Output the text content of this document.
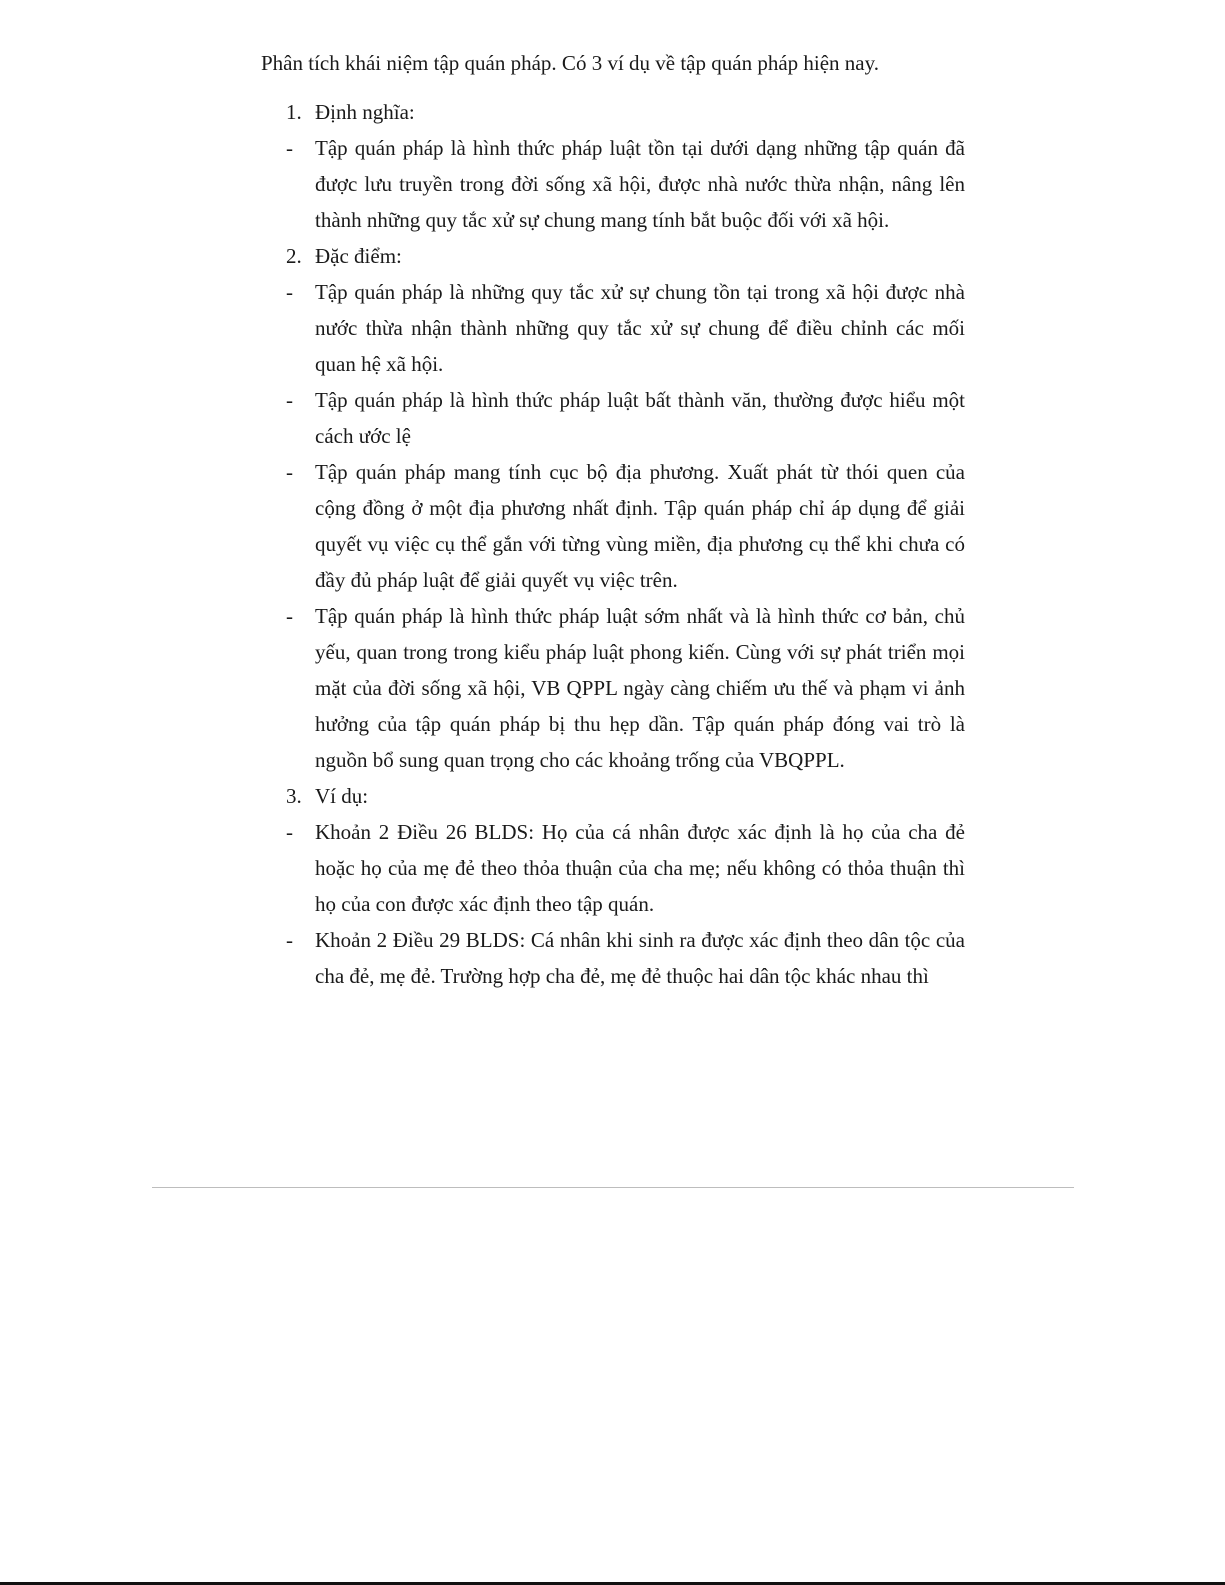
Phân tích khái niệm tập quán pháp. Có 3 ví dụ về tập quán pháp hiện nay.
1. Định nghĩa:
- Tập quán pháp là hình thức pháp luật tồn tại dưới dạng những tập quán đã được lưu truyền trong đời sống xã hội, được nhà nước thừa nhận, nâng lên thành những quy tắc xử sự chung mang tính bắt buộc đối với xã hội.
2. Đặc điểm:
- Tập quán pháp là những quy tắc xử sự chung tồn tại trong xã hội được nhà nước thừa nhận thành những quy tắc xử sự chung để điều chỉnh các mối quan hệ xã hội.
- Tập quán pháp là hình thức pháp luật bất thành văn, thường được hiểu một cách ước lệ
- Tập quán pháp mang tính cục bộ địa phương. Xuất phát từ thói quen của cộng đồng ở một địa phương nhất định. Tập quán pháp chỉ áp dụng để giải quyết vụ việc cụ thể gắn với từng vùng miền, địa phương cụ thể khi chưa có đầy đủ pháp luật để giải quyết vụ việc trên.
- Tập quán pháp là hình thức pháp luật sớm nhất và là hình thức cơ bản, chủ yếu, quan trong trong kiểu pháp luật phong kiến. Cùng với sự phát triển mọi mặt của đời sống xã hội, VB QPPL ngày càng chiếm ưu thế và phạm vi ảnh hưởng của tập quán pháp bị thu hẹp dần. Tập quán pháp đóng vai trò là nguồn bổ sung quan trọng cho các khoảng trống của VBQPPL.
3. Ví dụ:
- Khoản 2 Điều 26 BLDS: Họ của cá nhân được xác định là họ của cha đẻ hoặc họ của mẹ đẻ theo thỏa thuận của cha mẹ; nếu không có thỏa thuận thì họ của con được xác định theo tập quán.
- Khoản 2 Điều 29 BLDS: Cá nhân khi sinh ra được xác định theo dân tộc của cha đẻ, mẹ đẻ. Trường hợp cha đẻ, mẹ đẻ thuộc hai dân tộc khác nhau thì
